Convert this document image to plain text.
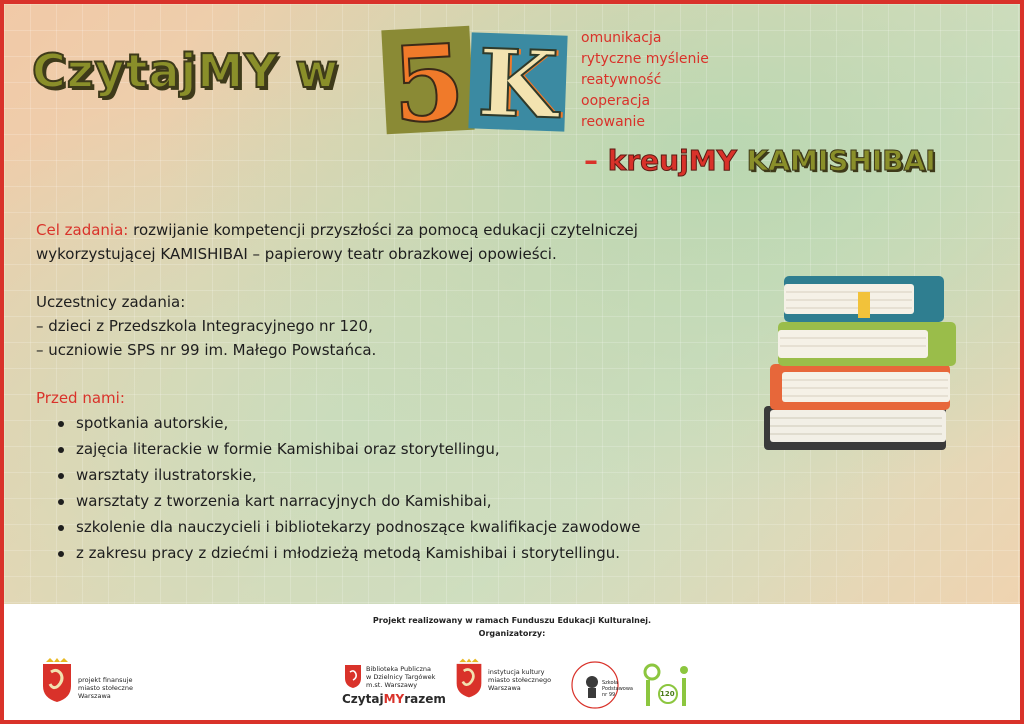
CzytajMY w 5 K omunikacja
rytyczne myślenie
reatywność
ooperacja
reowanie
– kreujMY KAMISHIBAI
Cel zadania: rozwijanie kompetencji przyszłości za pomocą edukacji czytelniczej
wykorzystującej KAMISHIBAI – papierowy teatr obrazkowej opowieści.
Uczestnicy zadania:
– dzieci z Przedszkola Integracyjnego nr 120,
– uczniowie SPS nr 99 im. Małego Powstańca.
Przed nami:
spotkania autorskie,
zajęcia literackie w formie Kamishibai oraz storytellingu,
warsztaty ilustratorskie,
warsztaty z tworzenia kart narracyjnych do Kamishibai,
szkolenie dla nauczycieli i bibliotekarzy podnoszące kwalifikacje zawodowe
z zakresu pracy z dziećmi i młodzieżą metodą Kamishibai i storytellingu.
Projekt realizowany w ramach Funduszu Edukacji Kulturalnej.
Organizatorzy:
projekt finansuje
miasto stołeczne
Warszawa
Biblioteka Publiczna
w Dzielnicy Targówek
m.st. Warszawy
CzytajMYrazem
instytucja kultury
miasto stołecznego
Warszawa
Szkoła
Podstawowa
nr 99	120
